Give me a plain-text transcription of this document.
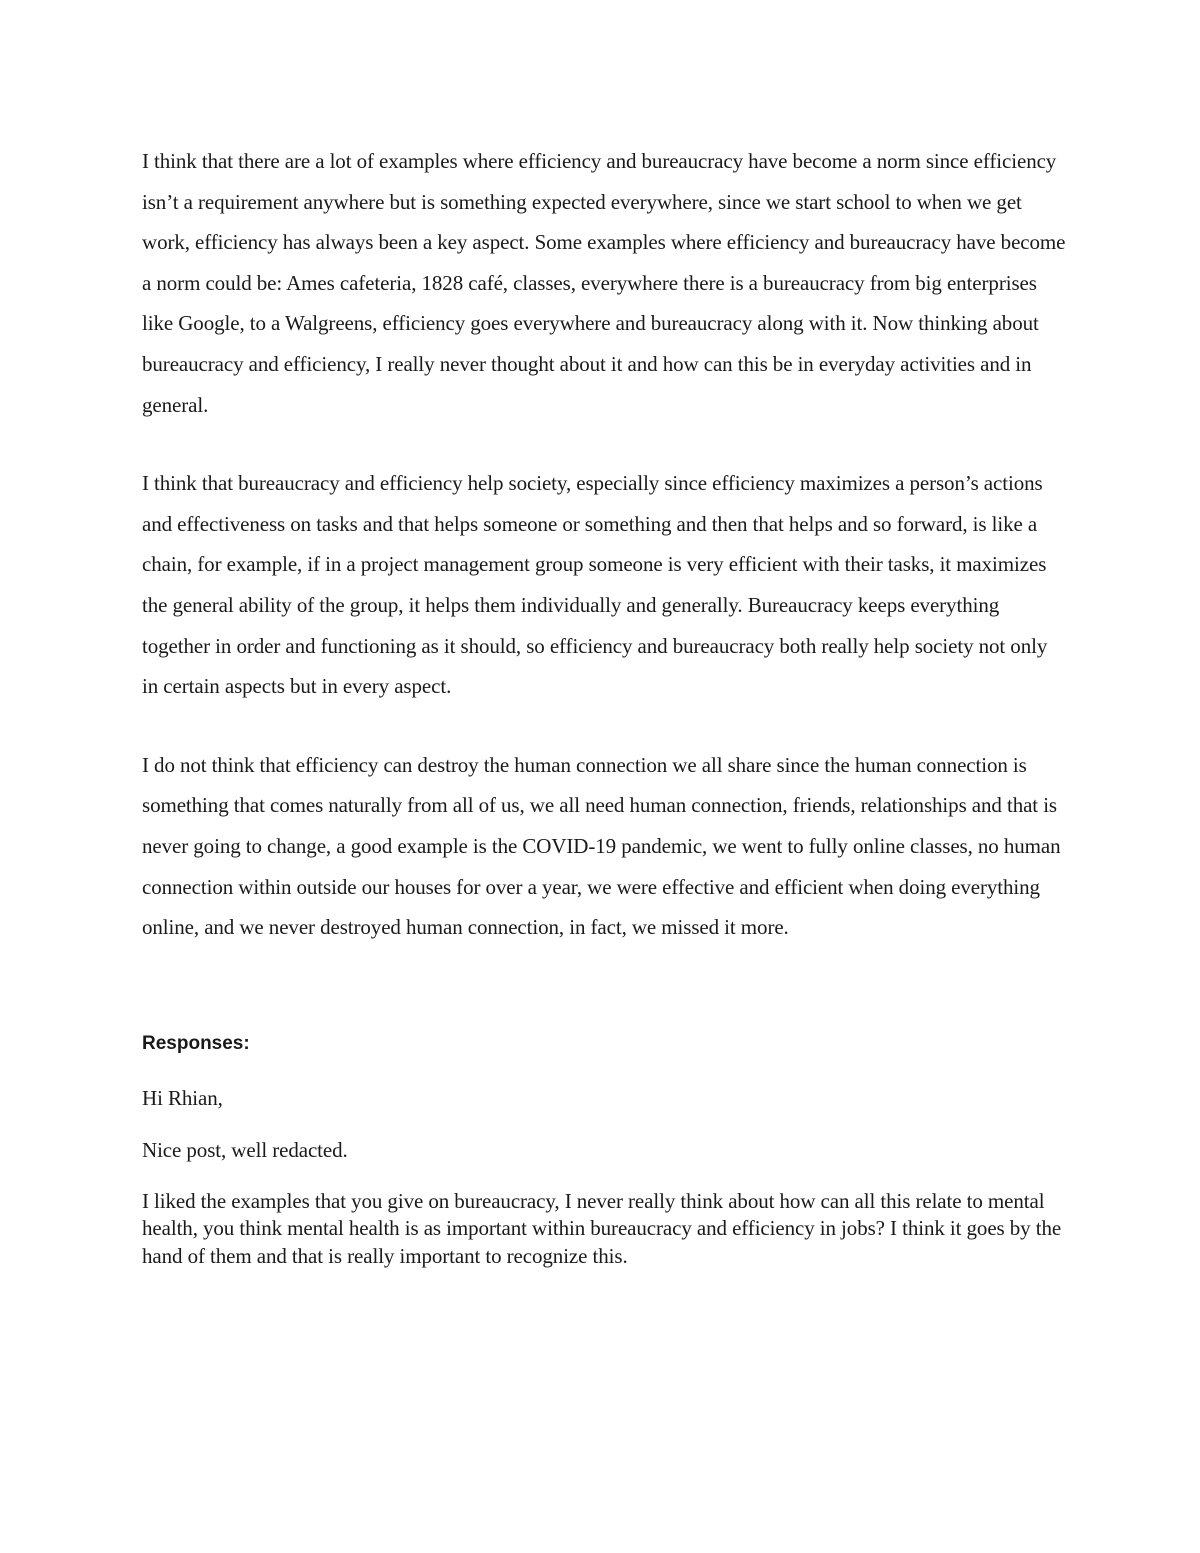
I think that there are a lot of examples where efficiency and bureaucracy have become a norm since efficiency isn’t a requirement anywhere but is something expected everywhere, since we start school to when we get work, efficiency has always been a key aspect. Some examples where efficiency and bureaucracy have become a norm could be: Ames cafeteria, 1828 café, classes, everywhere there is a bureaucracy from big enterprises like Google, to a Walgreens, efficiency goes everywhere and bureaucracy along with it. Now thinking about bureaucracy and efficiency, I really never thought about it and how can this be in everyday activities and in general.

I think that bureaucracy and efficiency help society, especially since efficiency maximizes a person’s actions and effectiveness on tasks and that helps someone or something and then that helps and so forward, is like a chain, for example, if in a project management group someone is very efficient with their tasks, it maximizes the general ability of the group, it helps them individually and generally. Bureaucracy keeps everything together in order and functioning as it should, so efficiency and bureaucracy both really help society not only in certain aspects but in every aspect.

I do not think that efficiency can destroy the human connection we all share since the human connection is something that comes naturally from all of us, we all need human connection, friends, relationships and that is never going to change, a good example is the COVID-19 pandemic, we went to fully online classes, no human connection within outside our houses for over a year, we were effective and efficient when doing everything online, and we never destroyed human connection, in fact, we missed it more.

Responses:

Hi Rhian,

Nice post, well redacted.

I liked the examples that you give on bureaucracy, I never really think about how can all this relate to mental health, you think mental health is as important within bureaucracy and efficiency in jobs? I think it goes by the hand of them and that is really important to recognize this.
